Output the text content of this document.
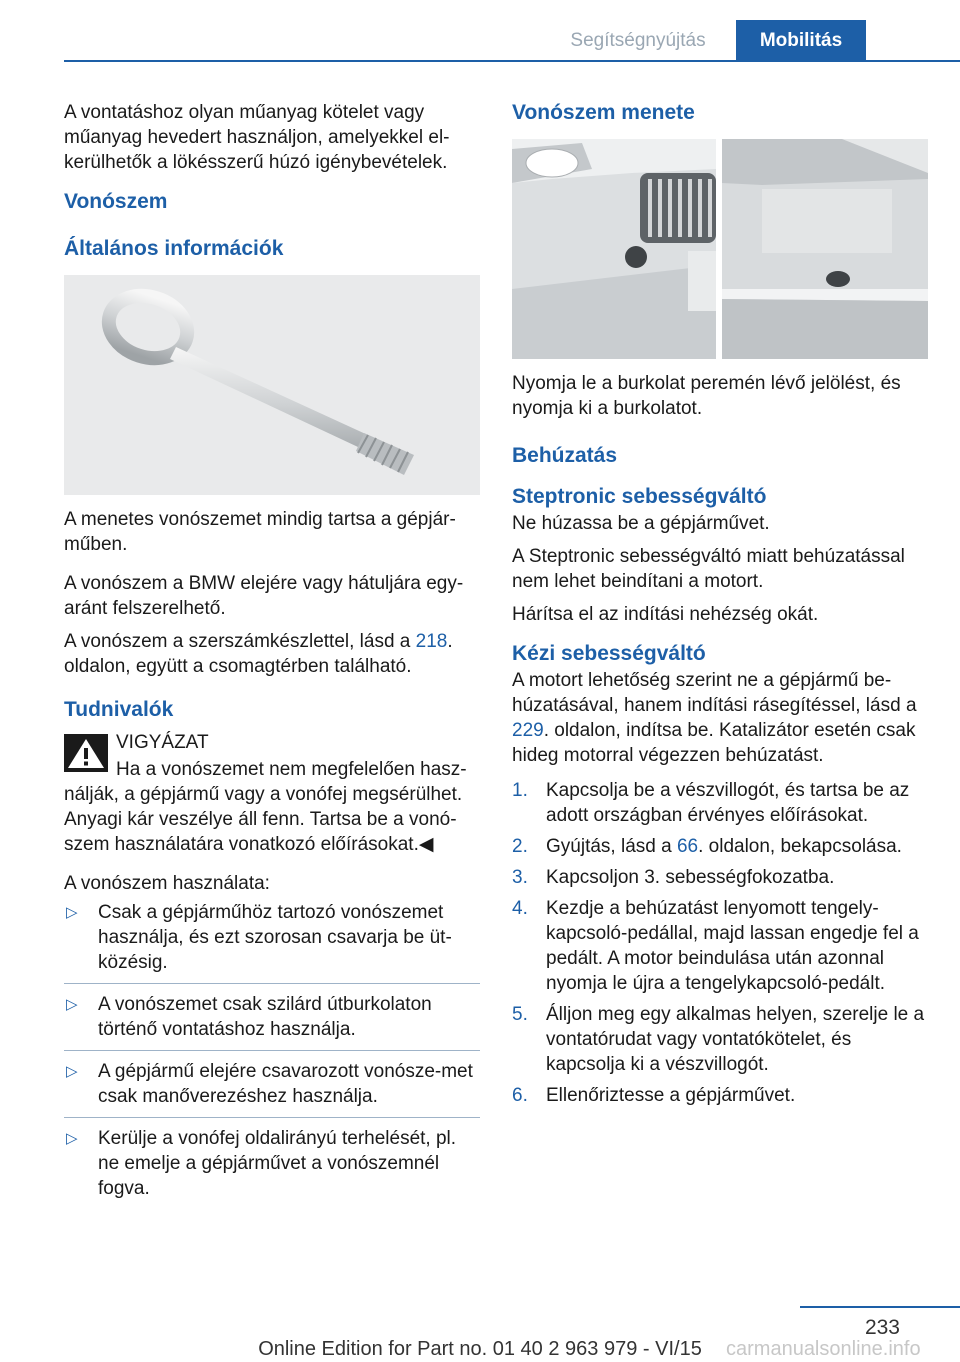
Segítségnyújtás	Mobilitás

A vontatáshoz olyan műanyag kötelet vagy műanyag hevedert használjon, amelyekkel el-kerülhetők a lökésszerű húzó igénybevételek.

Vonószem
Általános információk

A menetes vonószemet mindig tartsa a gépjár-műben.

A vonószem a BMW elejére vagy hátuljára egy-aránt felszerelhető.

A vonószem a szerszámkészlettel, lásd a 218. oldalon, együtt a csomagtérben található.

Tudnivalók
VIGYÁZAT
Ha a vonószemet nem megfelelően hasz-nálják, a gépjármű vagy a vonófej megsérülhet. Anyagi kár veszélye áll fenn. Tartsa be a vonó-szem használatára vonatkozó előírásokat.◀

A vonószem használata:

▷ Csak a gépjárműhöz tartozó vonószemet használja, és ezt szorosan csavarja be üt-közésig.
▷ A vonószemet csak szilárd útburkolaton történő vontatáshoz használja.
▷ A gépjármű elejére csavarozott vonósze-met csak manőverezéshez használja.
▷ Kerülje a vonófej oldalirányú terhelését, pl. ne emelje a gépjárművet a vonószemnél fogva.
Vonószem menete

Nyomja le a burkolat peremén lévő jelölést, és nyomja ki a burkolatot.

Behúzatás
Steptronic sebességváltó

Ne húzassa be a gépjárművet.

A Steptronic sebességváltó miatt behúzatással nem lehet beindítani a motort.

Hárítsa el az indítási nehézség okát.

Kézi sebességváltó

A motort lehetőség szerint ne a gépjármű be-húzatásával, hanem indítási rásegítéssel, lásd a 229. oldalon, indítsa be. Katalizátor esetén csak hideg motorral végezzen behúzatást.

1. Kapcsolja be a vészvillogót, és tartsa be az adott országban érvényes előírásokat.
2. Gyújtás, lásd a 66. oldalon, bekapcsolása.
3. Kapcsoljon 3. sebességfokozatba.
4. Kezdje a behúzatást lenyomott tengely-kapcsoló-pedállal, majd lassan engedje fel a pedált. A motor beindulása után azonnal nyomja le újra a tengelykapcsoló-pedált.
5. Álljon meg egy alkalmas helyen, szerelje le a vontatórudat vagy vontatókötelet, és kapcsolja ki a vészvillogót.
6. Ellenőriztesse a gépjárművet.
233
Online Edition for Part no. 01 40 2 963 979 - VI/15	carmanualsonline.info
